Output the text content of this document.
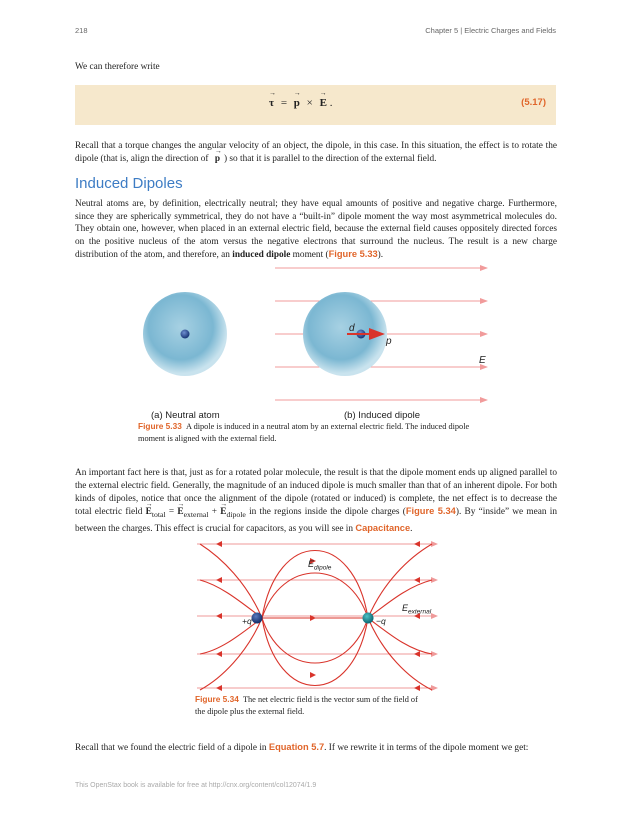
218	Chapter 5 | Electric Charges and Fields
We can therefore write
→ τ = → p × → E .	(5.17)
Recall that a torque changes the angular velocity of an object, the dipole, in this case. In this situation, the effect is to rotate the dipole (that is, align the direction of → p ) so that it is parallel to the direction of the external field.
Induced Dipoles
Neutral atoms are, by definition, electrically neutral; they have equal amounts of positive and negative charge. Furthermore, since they are spherically symmetrical, they do not have a “built-in” dipole moment the way most asymmetrical molecules do. They obtain one, however, when placed in an external electric field, because the external field causes oppositely directed forces on the positive nucleus of the atom versus the negative electrons that surround the nucleus. The result is a new charge distribution of the atom, and therefore, an induced dipole moment (Figure 5.33).
d
p
E
(a) Neutral atom	(b) Induced dipole
Figure 5.33 A dipole is induced in a neutral atom by an external electric field. The induced dipole moment is aligned with the external field.
An important fact here is that, just as for a rotated polar molecule, the result is that the dipole moment ends up aligned parallel to the external electric field. Generally, the magnitude of an induced dipole is much smaller than that of an inherent dipole. For both kinds of dipoles, notice that once the alignment of the dipole (rotated or induced) is complete, the net effect is to decrease the total electric field → $E_{total}$ = → $E_{external}$ + → $E_{dipole}$ in the regions inside the dipole charges (Figure 5.34). By “inside” we mean in between the charges. This effect is crucial for capacitors, as you will see in Capacitance.
+q	−q
$E_{dipole}$
$E_{external}$
Figure 5.34 The net electric field is the vector sum of the field of the dipole plus the external field.
Recall that we found the electric field of a dipole in Equation 5.7. If we rewrite it in terms of the dipole moment we get:
This OpenStax book is available for free at http://cnx.org/content/col12074/1.9
